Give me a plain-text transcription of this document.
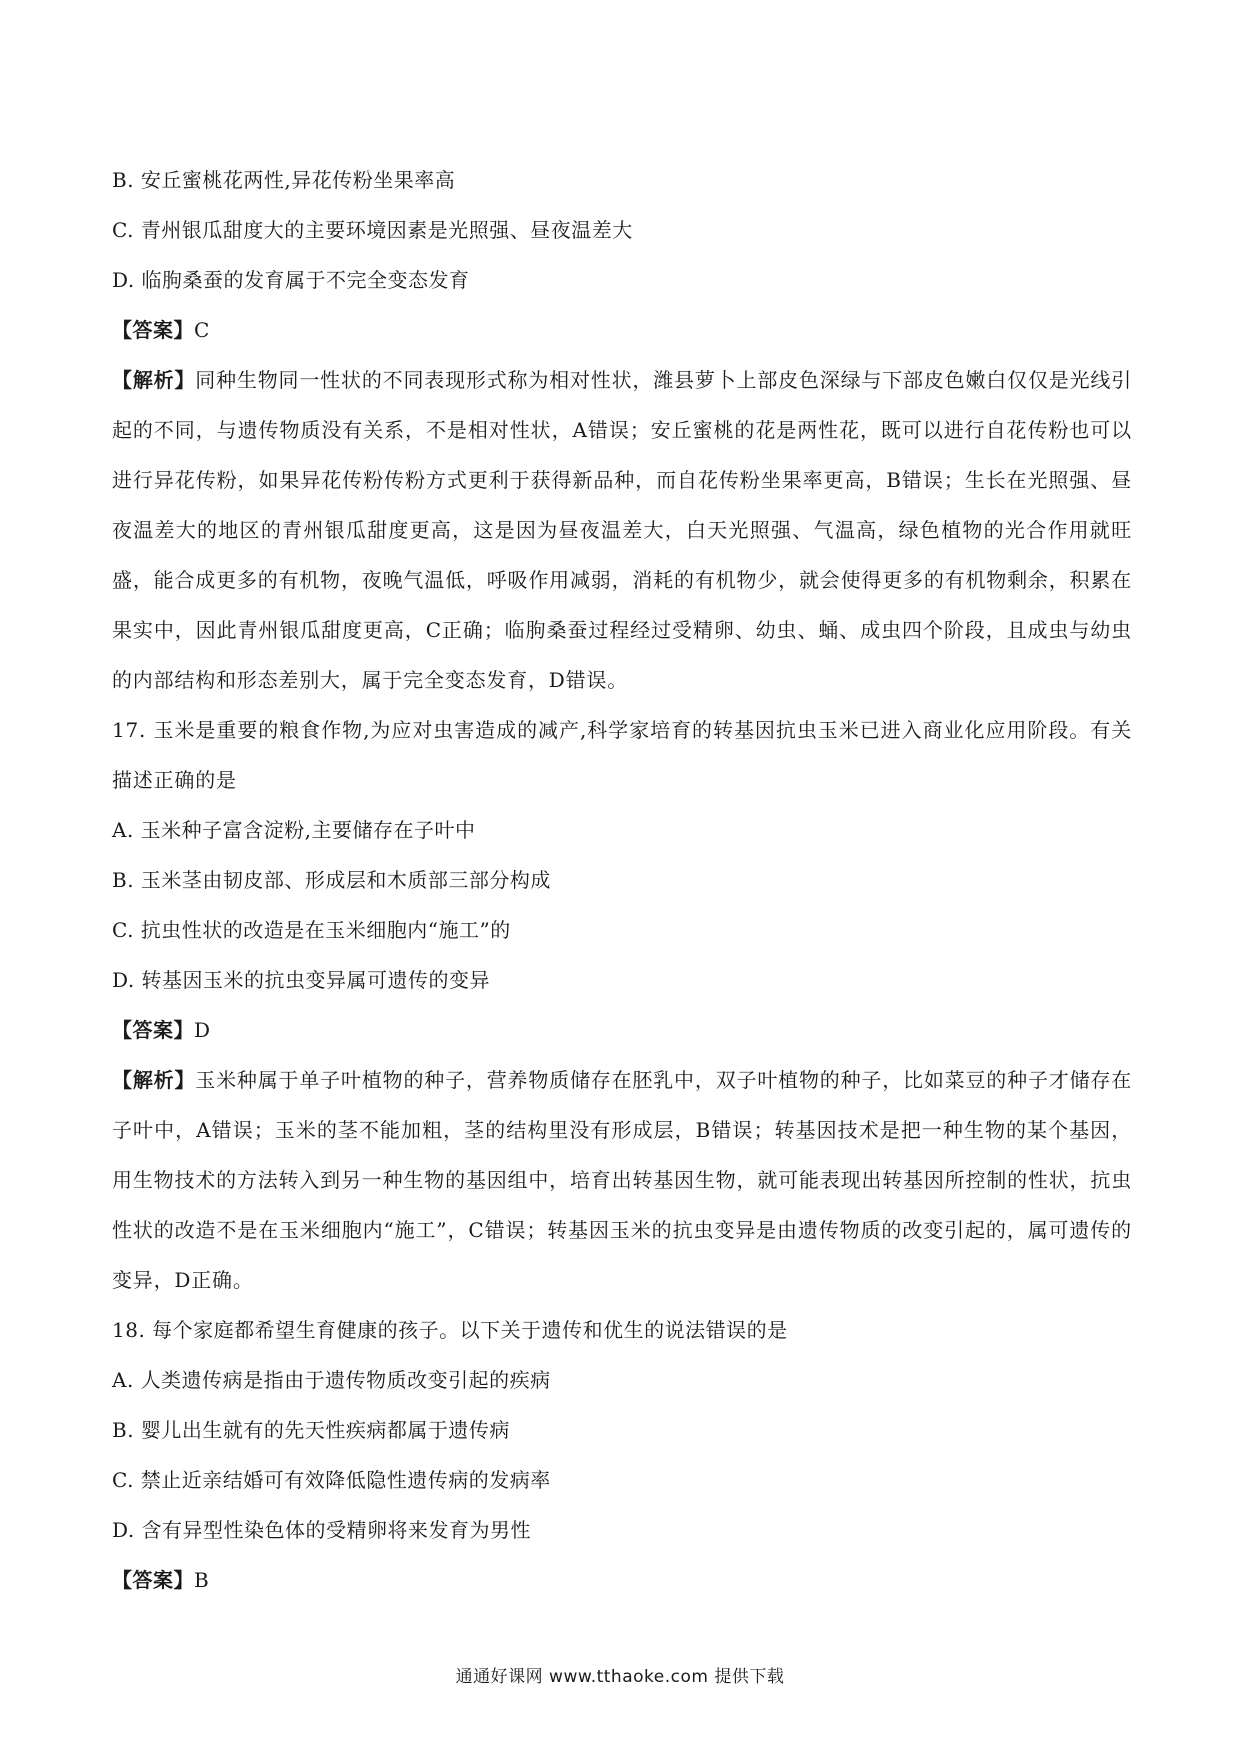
B. 安丘蜜桃花两性,异花传粉坐果率高
C. 青州银瓜甜度大的主要环境因素是光照强、昼夜温差大
D. 临朐桑蚕的发育属于不完全变态发育
【答案】C
【解析】同种生物同一性状的不同表现形式称为相对性状，潍县萝卜上部皮色深绿与下部皮色嫩白仅仅是光线引起的不同，与遗传物质没有关系，不是相对性状，A错误；安丘蜜桃的花是两性花，既可以进行自花传粉也可以进行异花传粉，如果异花传粉传粉方式更利于获得新品种，而自花传粉坐果率更高，B错误；生长在光照强、昼夜温差大的地区的青州银瓜甜度更高，这是因为昼夜温差大，白天光照强、气温高，绿色植物的光合作用就旺盛，能合成更多的有机物，夜晚气温低，呼吸作用减弱，消耗的有机物少，就会使得更多的有机物剩余，积累在果实中，因此青州银瓜甜度更高，C正确；临朐桑蚕过程经过受精卵、幼虫、蛹、成虫四个阶段，且成虫与幼虫的内部结构和形态差别大，属于完全变态发育，D错误。
17. 玉米是重要的粮食作物,为应对虫害造成的减产,科学家培育的转基因抗虫玉米已进入商业化应用阶段。有关描述正确的是
A. 玉米种子富含淀粉,主要储存在子叶中
B. 玉米茎由韧皮部、形成层和木质部三部分构成
C. 抗虫性状的改造是在玉米细胞内“施工”的
D. 转基因玉米的抗虫变异属可遗传的变异
【答案】D
【解析】玉米种属于单子叶植物的种子，营养物质储存在胚乳中，双子叶植物的种子，比如菜豆的种子才储存在子叶中，A错误；玉米的茎不能加粗，茎的结构里没有形成层，B错误；转基因技术是把一种生物的某个基因，用生物技术的方法转入到另一种生物的基因组中，培育出转基因生物，就可能表现出转基因所控制的性状，抗虫性状的改造不是在玉米细胞内“施工”，C错误；转基因玉米的抗虫变异是由遗传物质的改变引起的，属可遗传的变异，D正确。
18. 每个家庭都希望生育健康的孩子。以下关于遗传和优生的说法错误的是
A. 人类遗传病是指由于遗传物质改变引起的疾病
B. 婴儿出生就有的先天性疾病都属于遗传病
C. 禁止近亲结婚可有效降低隐性遗传病的发病率
D. 含有异型性染色体的受精卵将来发育为男性
【答案】B
通通好课网 www.tthaoke.com 提供下载
